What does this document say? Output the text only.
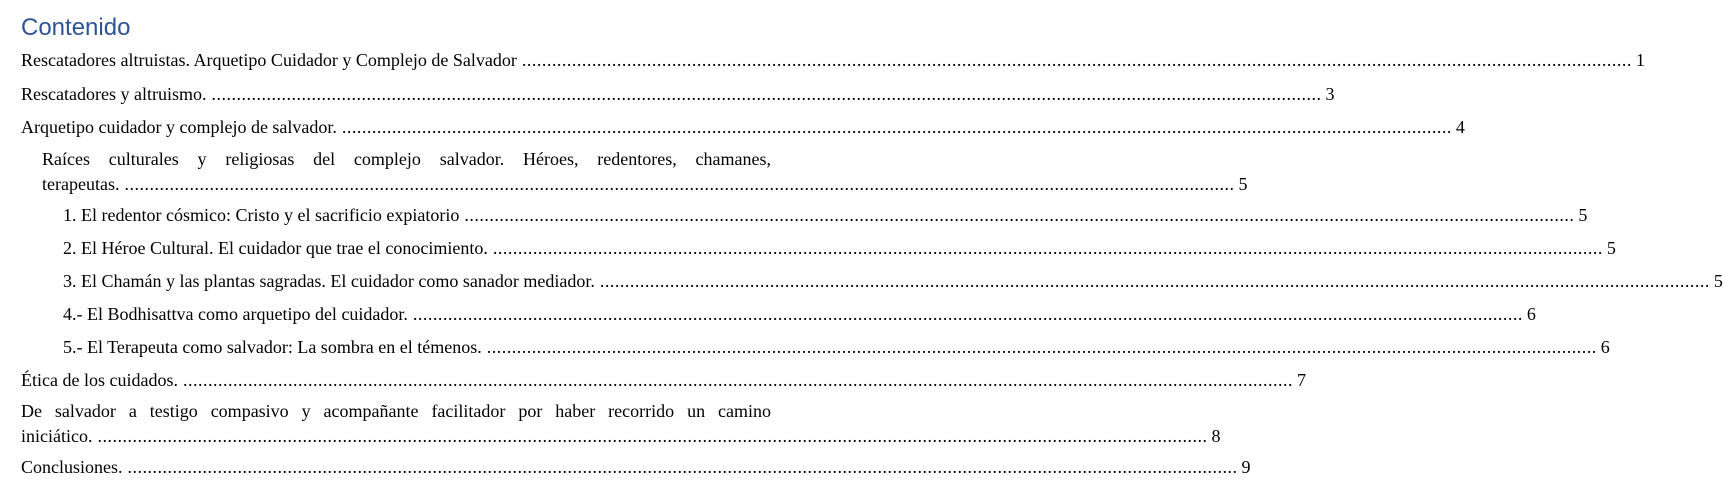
Contenido
Rescatadores altruistas. Arquetipo Cuidador y Complejo de Salvador .............................................................................................................................................................................................................................. 1
Rescatadores y altruismo. .............................................................................................................................................................................................................................. 3
Arquetipo cuidador y complejo de salvador. .............................................................................................................................................................................................................................. 4
Raíces culturales y religiosas del complejo salvador. Héroes, redentores, chamanes,
terapeutas. .............................................................................................................................................................................................................................. 5
1. El redentor cósmico: Cristo y el sacrificio expiatorio .............................................................................................................................................................................................................................. 5
2. El Héroe Cultural. El cuidador que trae el conocimiento. .............................................................................................................................................................................................................................. 5
3. El Chamán y las plantas sagradas. El cuidador como sanador mediador. .............................................................................................................................................................................................................................. 5
4.- El Bodhisattva como arquetipo del cuidador. .............................................................................................................................................................................................................................. 6
5.- El Terapeuta como salvador: La sombra en el témenos. .............................................................................................................................................................................................................................. 6
Ética de los cuidados. .............................................................................................................................................................................................................................. 7
De salvador a testigo compasivo y acompañante facilitador por haber recorrido un camino
iniciático. .............................................................................................................................................................................................................................. 8
Conclusiones. .............................................................................................................................................................................................................................. 9
